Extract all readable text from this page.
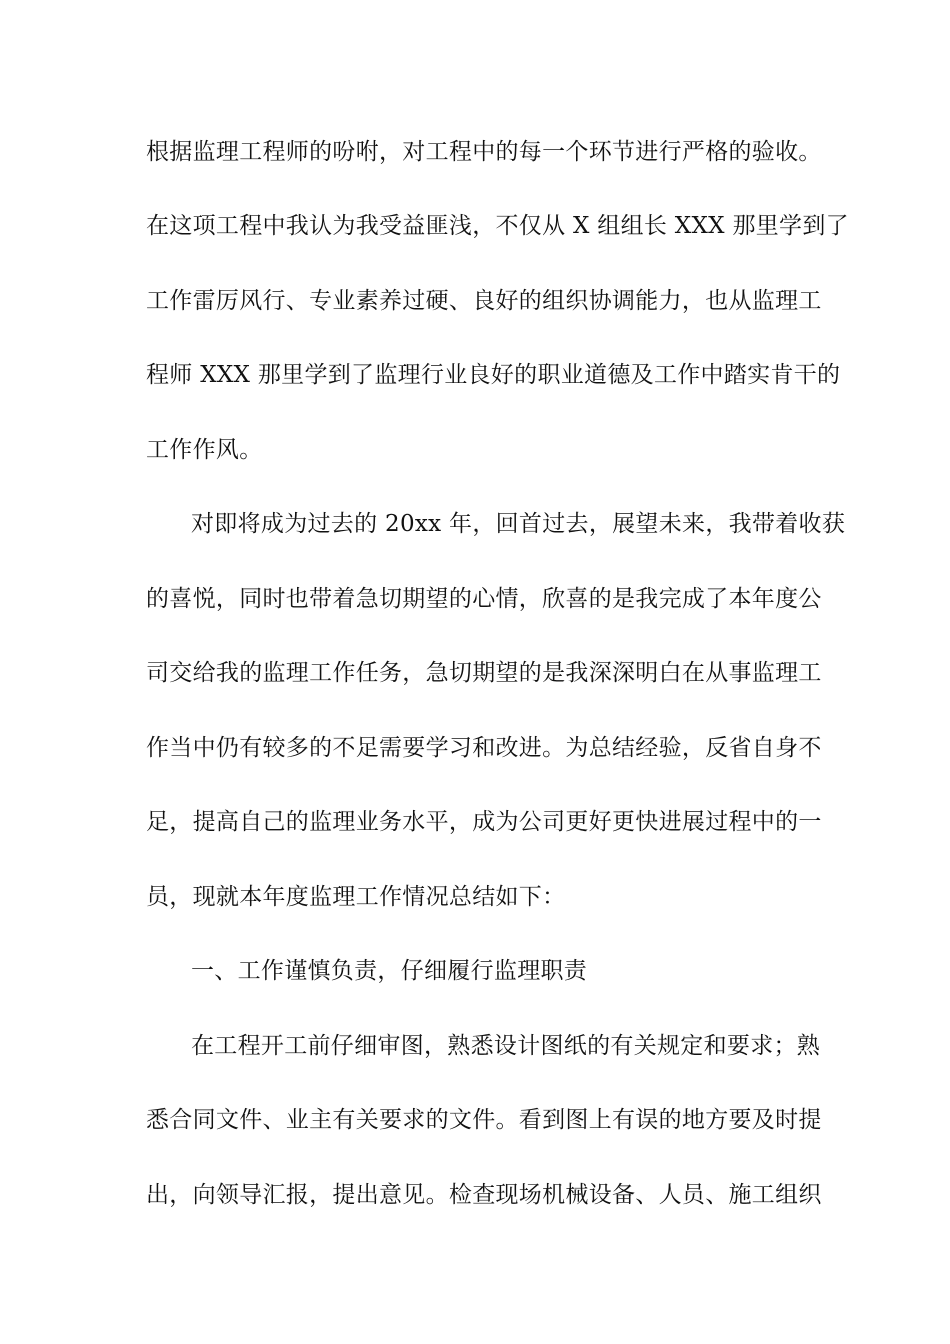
根据监理工程师的吩咐，对工程中的每一个环节进行严格的验收。
在这项工程中我认为我受益匪浅，不仅从 X 组组长 XXX 那里学到了
工作雷厉风行、专业素养过硬、良好的组织协调能力，也从监理工
程师 XXX 那里学到了监理行业良好的职业道德及工作中踏实肯干的
工作作风。
对即将成为过去的 20xx 年，回首过去，展望未来，我带着收获
的喜悦，同时也带着急切期望的心情，欣喜的是我完成了本年度公
司交给我的监理工作任务，急切期望的是我深深明白在从事监理工
作当中仍有较多的不足需要学习和改进。为总结经验，反省自身不
足，提高自己的监理业务水平，成为公司更好更快进展过程中的一
员，现就本年度监理工作情况总结如下：
一、工作谨慎负责，仔细履行监理职责
在工程开工前仔细审图，熟悉设计图纸的有关规定和要求；熟
悉合同文件、业主有关要求的文件。看到图上有误的地方要及时提
出，向领导汇报，提出意见。检查现场机械设备、人员、施工组织
